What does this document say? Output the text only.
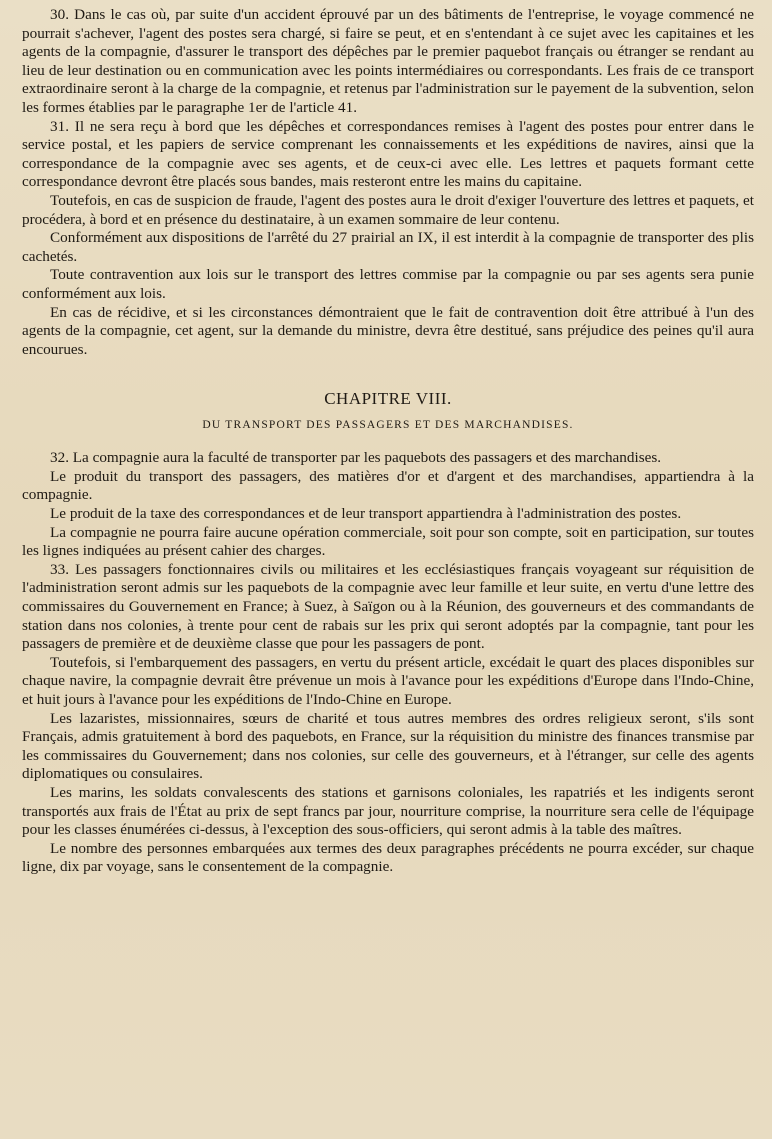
30. Dans le cas où, par suite d'un accident éprouvé par un des bâtiments de l'entreprise, le voyage commencé ne pourrait s'achever, l'agent des postes sera chargé, si faire se peut, et en s'entendant à ce sujet avec les capitaines et les agents de la compagnie, d'assurer le transport des dépêches par le premier paquebot français ou étranger se rendant au lieu de leur destination ou en communication avec les points intermédiaires ou correspondants. Les frais de ce transport extraordinaire seront à la charge de la compagnie, et retenus par l'administration sur le payement de la subvention, selon les formes établies par le paragraphe 1er de l'article 41.

31. Il ne sera reçu à bord que les dépêches et correspondances remises à l'agent des postes pour entrer dans le service postal, et les papiers de service comprenant les connaissements et les expéditions de navires, ainsi que la correspondance de la compagnie avec ses agents, et de ceux-ci avec elle. Les lettres et paquets formant cette correspondance devront être placés sous bandes, mais resteront entre les mains du capitaine.

Toutefois, en cas de suspicion de fraude, l'agent des postes aura le droit d'exiger l'ouverture des lettres et paquets, et procédera, à bord et en présence du destinataire, à un examen sommaire de leur contenu.

Conformément aux dispositions de l'arrêté du 27 prairial an IX, il est interdit à la compagnie de transporter des plis cachetés.

Toute contravention aux lois sur le transport des lettres commise par la compagnie ou par ses agents sera punie conformément aux lois.

En cas de récidive, et si les circonstances démontraient que le fait de contravention doit être attribué à l'un des agents de la compagnie, cet agent, sur la demande du ministre, devra être destitué, sans préjudice des peines qu'il aura encourues.

CHAPITRE VIII.
DU TRANSPORT DES PASSAGERS ET DES MARCHANDISES.

32. La compagnie aura la faculté de transporter par les paquebots des passagers et des marchandises.

Le produit du transport des passagers, des matières d'or et d'argent et des marchandises, appartiendra à la compagnie.

Le produit de la taxe des correspondances et de leur transport appartiendra à l'administration des postes.

La compagnie ne pourra faire aucune opération commerciale, soit pour son compte, soit en participation, sur toutes les lignes indiquées au présent cahier des charges.

33. Les passagers fonctionnaires civils ou militaires et les ecclésiastiques français voyageant sur réquisition de l'administration seront admis sur les paquebots de la compagnie avec leur famille et leur suite, en vertu d'une lettre des commissaires du Gouvernement en France; à Suez, à Saïgon ou à la Réunion, des gouverneurs et des commandants de station dans nos colonies, à trente pour cent de rabais sur les prix qui seront adoptés par la compagnie, tant pour les passagers de première et de deuxième classe que pour les passagers de pont.

Toutefois, si l'embarquement des passagers, en vertu du présent article, excédait le quart des places disponibles sur chaque navire, la compagnie devrait être prévenue un mois à l'avance pour les expéditions d'Europe dans l'Indo-Chine, et huit jours à l'avance pour les expéditions de l'Indo-Chine en Europe.

Les lazaristes, missionnaires, sœurs de charité et tous autres membres des ordres religieux seront, s'ils sont Français, admis gratuitement à bord des paquebots, en France, sur la réquisition du ministre des finances transmise par les commissaires du Gouvernement; dans nos colonies, sur celle des gouverneurs, et à l'étranger, sur celle des agents diplomatiques ou consulaires.

Les marins, les soldats convalescents des stations et garnisons coloniales, les rapatriés et les indigents seront transportés aux frais de l'État au prix de sept francs par jour, nourriture comprise, la nourriture sera celle de l'équipage pour les classes énumérées ci-dessus, à l'exception des sous-officiers, qui seront admis à la table des maîtres.

Le nombre des personnes embarquées aux termes des deux paragraphes précédents ne pourra excéder, sur chaque ligne, dix par voyage, sans le consentement de la compagnie.
